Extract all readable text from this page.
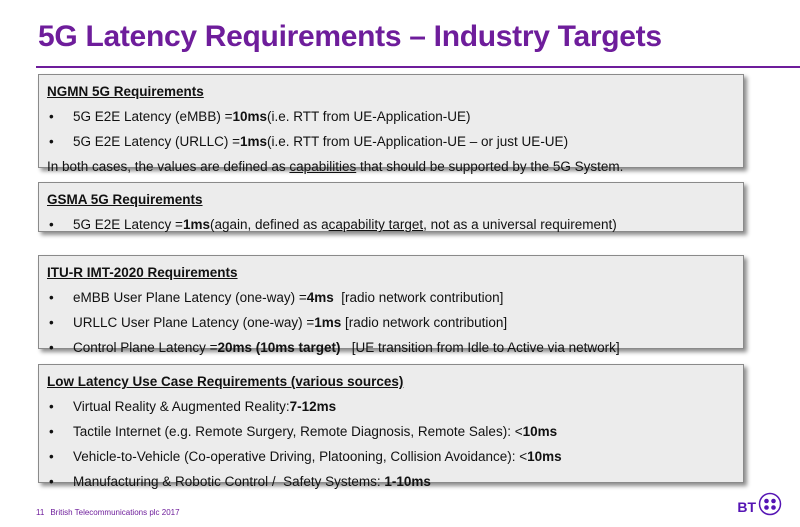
5G Latency Requirements – Industry Targets
NGMN 5G Requirements
•	5G E2E Latency (eMBB) = 10ms (i.e. RTT from UE-Application-UE)
•	5G E2E Latency (URLLC) = 1ms (i.e. RTT from UE-Application-UE – or just UE-UE)
In both cases, the values are defined as capabilities that should be supported by the 5G System.
GSMA 5G Requirements
•	5G E2E Latency = 1ms (again, defined as a capability target , not as a universal requirement)
ITU-R IMT-2020 Requirements
•	eMBB User Plane Latency (one-way) = 4ms [radio network contribution]
•	URLLC User Plane Latency (one-way) = 1ms [radio network contribution]
•	Control Plane Latency = 20ms (10ms target) [UE transition from Idle to Active via network]
Low Latency Use Case Requirements (various sources)
•	Virtual Reality & Augmented Reality: 7-12ms
•	Tactile Internet (e.g. Remote Surgery, Remote Diagnosis, Remote Sales): < 10ms
•	Vehicle-to-Vehicle (Co-operative Driving, Platooning, Collision Avoidance): < 10ms
•	Manufacturing & Robotic Control /  Safety Systems: 1-10ms
11 British Telecommunications plc 2017	BT
